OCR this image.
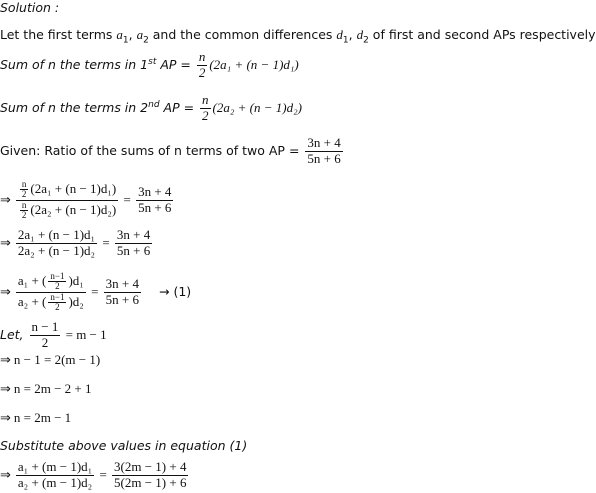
Solution :
Let the first terms $a_1$, $a_2$ and the common differences $d_1$, $d_2$ of first and second APs respectively
Sum of n the terms in 1st AP = $\frac{n}{2} (2a_1 + (n - 1)d_1)$
Sum of n the terms in 2nd AP = $\frac{n}{2} (2a_2 + (n - 1)d_2)$
Given: Ratio of the sums of n terms of two AP = $\frac{3n + 4}{5n + 6}$
⇒ $\frac{\frac{n}{2} (2a_1 + (n - 1)d_1)}{\frac{n}{2} (2a_2 + (n - 1)d_2)} = \frac{3n + 4}{5n + 6}$
⇒ $\frac{\text{2a₁ + (n − 1)d₁}}{\text{2a₂ + (n − 1)d₂}} = \frac{3n + 4}{5n + 6}$
⇒ $\frac{a_1 + ( \frac{n-1}{2} )d_1}{a_2 + ( \frac{n-1}{2} )d_2} = \frac{3n + 4}{5n + 6} \to (1)$
Let, $\frac{n - 1}{2} = m - 1$
⇒ n − 1 = 2(m − 1)
⇒ n = 2m − 2 + 1
⇒ n = 2m − 1
Substitute above values in equation (1)
⇒ $\frac{\text{a₁ + (m − 1)d₁}}{\text{a₂ + (m − 1)d₂}} = \frac{3(2m - 1) + 4}{5(2m - 1) + 6}$
